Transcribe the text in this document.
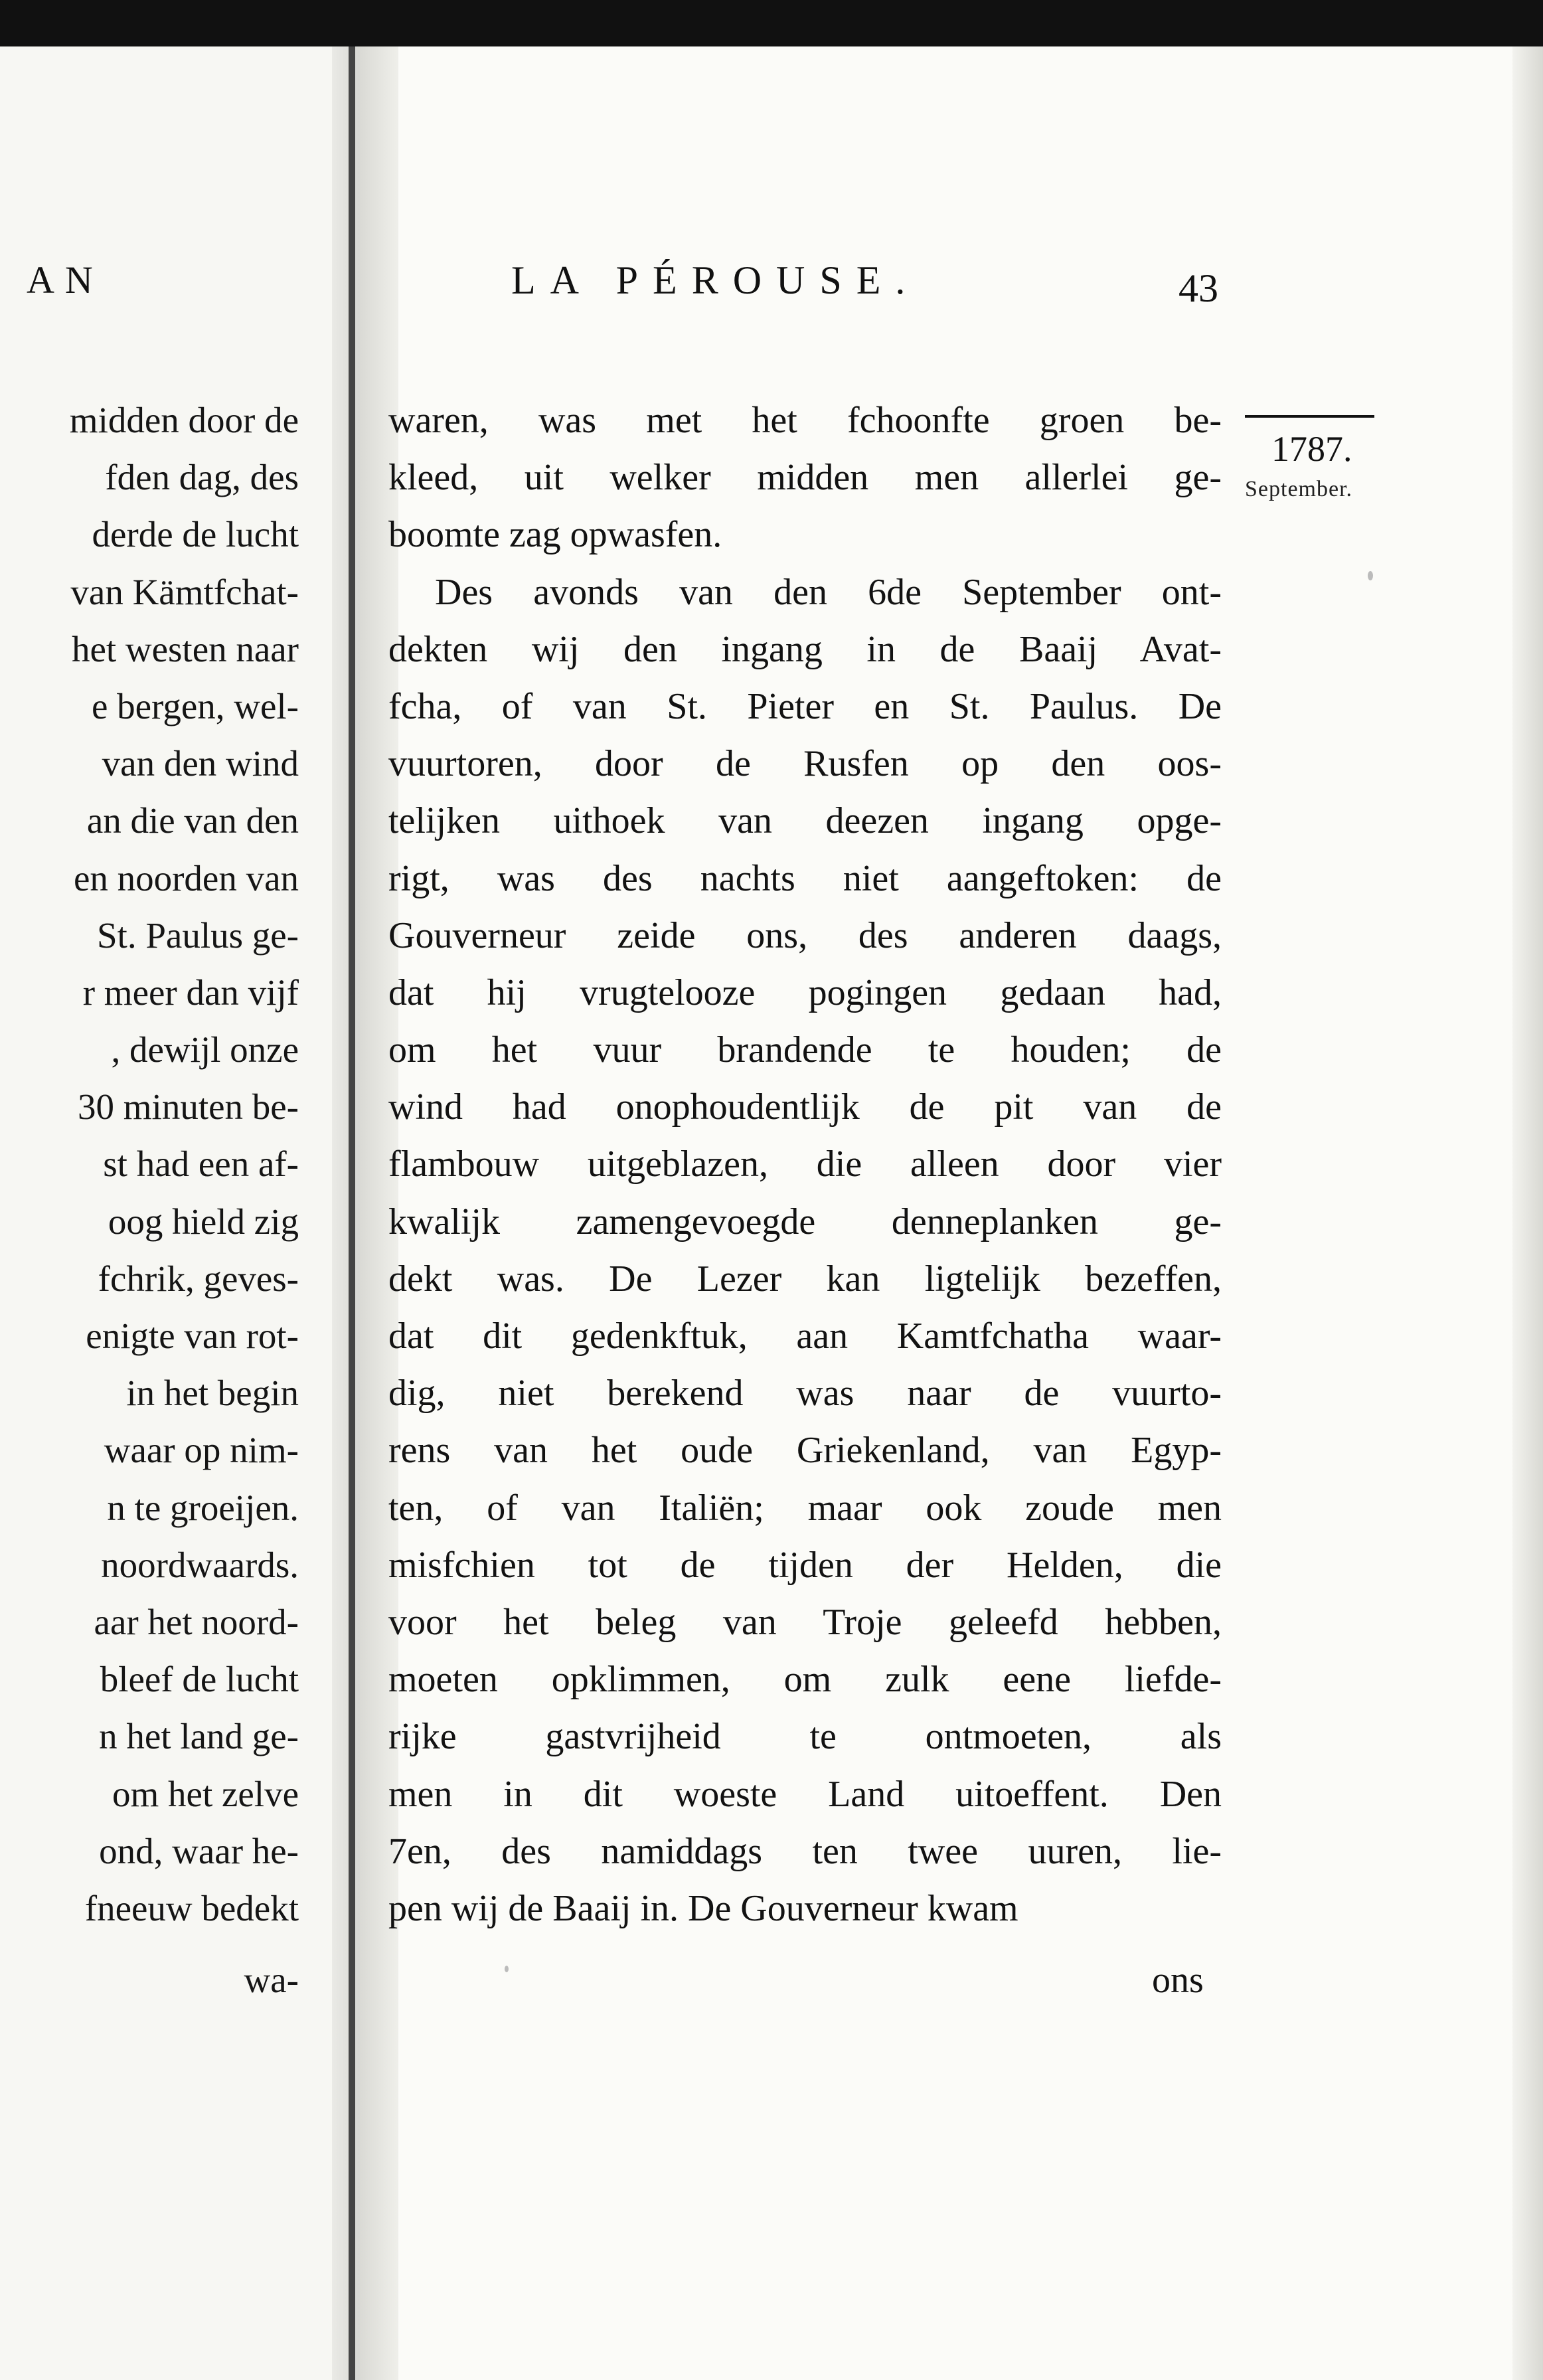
AN
midden door de
fden dag, des
derde de lucht
van Kämtfchat-
het westen naar
e bergen, wel-
van den wind
an die van den
en noorden van
St. Paulus ge-
r meer dan vijf
, dewijl onze
30 minuten be-
st had een af-
oog hield zig
fchrik, geves-
enigte van rot-
in het begin
waar op nim-
n te groeijen.
noordwaards.
aar het noord-
bleef de lucht
n het land ge-
om het zelve
ond, waar he-
fneeuw bedekt
wa-
LA PÉROUSE.	43
waren, was met het fchoonfte groen be-
kleed, uit welker midden men allerlei ge-
boomte zag opwasfen.
Des avonds van den 6de September ont-
dekten wij den ingang in de Baaij Avat-
fcha, of van St. Pieter en St. Paulus. De
vuurtoren, door de Rusfen op den oos-
telijken uithoek van deezen ingang opge-
rigt, was des nachts niet aangeftoken: de
Gouverneur zeide ons, des anderen daags,
dat hij vrugtelooze pogingen gedaan had,
om het vuur brandende te houden; de
wind had onophoudentlijk de pit van de
flambouw uitgeblazen, die alleen door vier
kwalijk zamengevoegde denneplanken ge-
dekt was. De Lezer kan ligtelijk bezeffen,
dat dit gedenkftuk, aan Kamtfchatha waar-
dig, niet berekend was naar de vuurto-
rens van het oude Griekenland, van Egyp-
ten, of van Italiën; maar ook zoude men
misfchien tot de tijden der Helden, die
voor het beleg van Troje geleefd hebben,
moeten opklimmen, om zulk eene liefde-
rijke gastvrijheid te ontmoeten, als
men in dit woeste Land uitoeffent. Den
7en, des namiddags ten twee uuren, lie-
pen wij de Baaij in. De Gouverneur kwam
ons
1787.
September.
